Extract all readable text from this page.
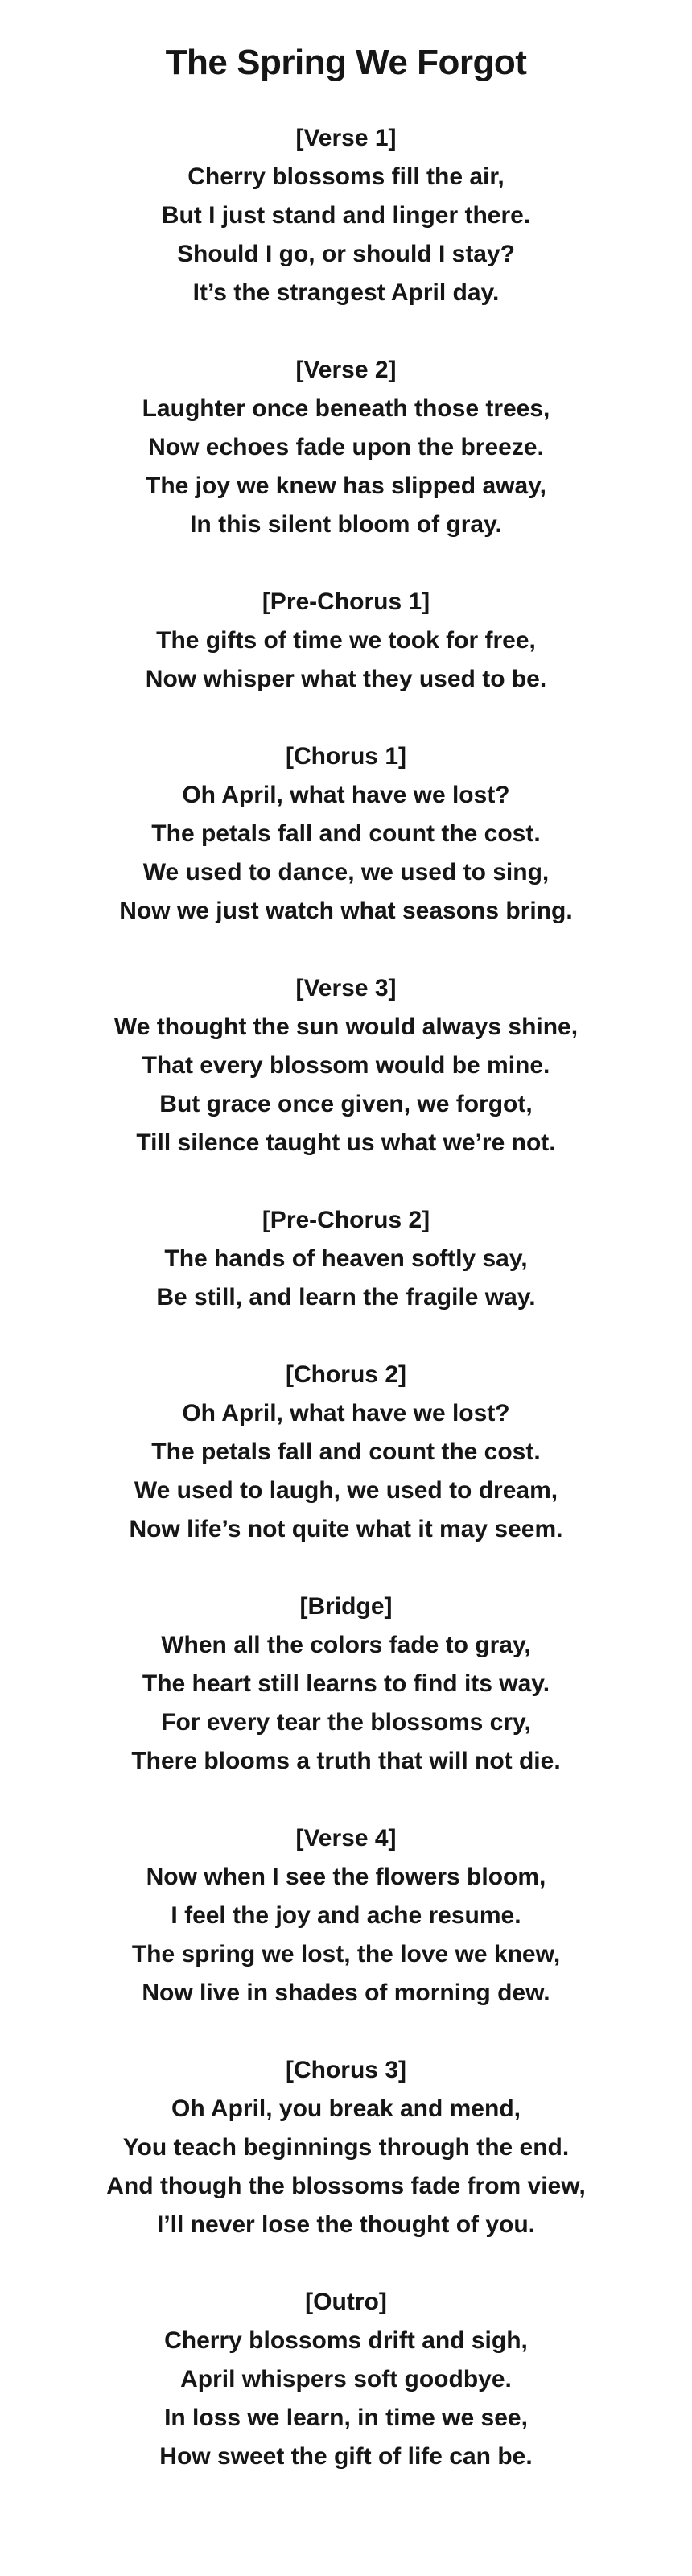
The Spring We Forgot
[Verse 1]
Cherry blossoms fill the air,
But I just stand and linger there.
Should I go, or should I stay?
It’s the strangest April day.
[Verse 2]
Laughter once beneath those trees,
Now echoes fade upon the breeze.
The joy we knew has slipped away,
In this silent bloom of gray.
[Pre-Chorus 1]
The gifts of time we took for free,
Now whisper what they used to be.
[Chorus 1]
Oh April, what have we lost?
The petals fall and count the cost.
We used to dance, we used to sing,
Now we just watch what seasons bring.
[Verse 3]
We thought the sun would always shine,
That every blossom would be mine.
But grace once given, we forgot,
Till silence taught us what we’re not.
[Pre-Chorus 2]
The hands of heaven softly say,
Be still, and learn the fragile way.
[Chorus 2]
Oh April, what have we lost?
The petals fall and count the cost.
We used to laugh, we used to dream,
Now life’s not quite what it may seem.
[Bridge]
When all the colors fade to gray,
The heart still learns to find its way.
For every tear the blossoms cry,
There blooms a truth that will not die.
[Verse 4]
Now when I see the flowers bloom,
I feel the joy and ache resume.
The spring we lost, the love we knew,
Now live in shades of morning dew.
[Chorus 3]
Oh April, you break and mend,
You teach beginnings through the end.
And though the blossoms fade from view,
I’ll never lose the thought of you.
[Outro]
Cherry blossoms drift and sigh,
April whispers soft goodbye.
In loss we learn, in time we see,
How sweet the gift of life can be.
